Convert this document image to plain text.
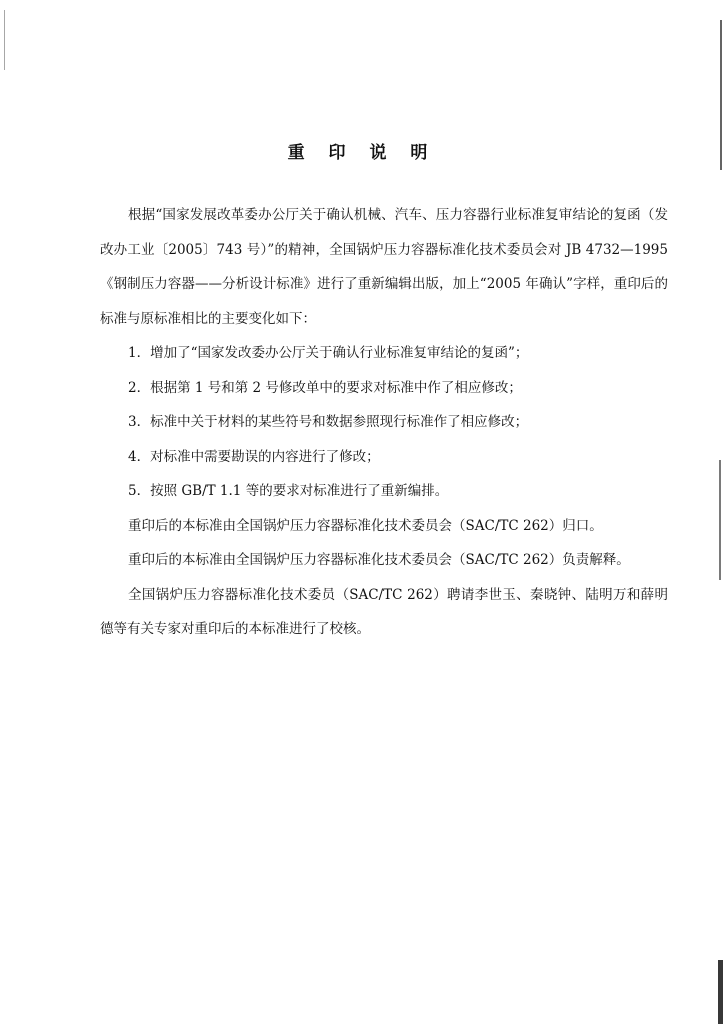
重 印 说 明

根据“国家发展改革委办公厅关于确认机械、汽车、压力容器行业标准复审结论的复函（发改办工业〔2005〕743 号）”的精神，全国锅炉压力容器标准化技术委员会对 JB 4732—1995《钢制压力容器——分析设计标准》进行了重新编辑出版，加上“2005 年确认”字样，重印后的标准与原标准相比的主要变化如下：

1．增加了“国家发改委办公厅关于确认行业标准复审结论的复函”；

2．根据第 1 号和第 2 号修改单中的要求对标准中作了相应修改；

3．标准中关于材料的某些符号和数据参照现行标准作了相应修改；

4．对标准中需要勘误的内容进行了修改；

5．按照 GB/T 1.1 等的要求对标准进行了重新编排。

重印后的本标准由全国锅炉压力容器标准化技术委员会（SAC/TC 262）归口。

重印后的本标准由全国锅炉压力容器标准化技术委员会（SAC/TC 262）负责解释。

全国锅炉压力容器标准化技术委员（SAC/TC 262）聘请李世玉、秦晓钟、陆明万和薛明德等有关专家对重印后的本标准进行了校核。
